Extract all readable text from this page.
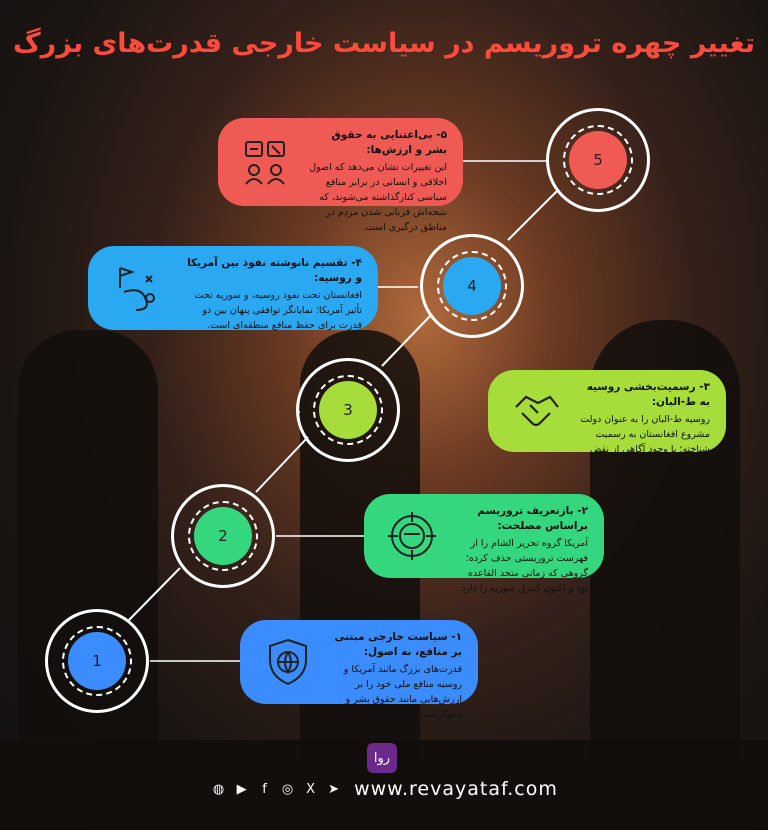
تغییر چهره تروریسم در سیاست خارجی قدرت‌های بزرگ
1
2
3
4
5
۵- بی‌اعتنایی به حقوق بشر و ارزش‌ها:

این تغییرات نشان می‌دهد که اصول اخلاقی و انسانی در برابر منافع سیاسی کنارگذاشته می‌شوند، که نتیجه‌اش قربانی شدن مردم در مناطق درگیری است.

۴- تقسیم نانوشته نفوذ بین آمریکا و روسیه:

افغانستان تحت نفوذ روسیه، و سوریه تحت تأثیر آمریکا؛ نمایانگر توافقی پنهان بین دو قدرت برای حفظ منافع منطقه‌ای است.

۳- رسمیت‌بخشی روسیه به ط-البان:

روسیه ط-البان را به عنوان دولت مشروع افغانستان به رسمیت شناخته؛ با وجود آگاهی از نقض حقوق زنان و افراط‌گرایی این گروه.

۲- بازتعریف تروریسم براساس مصلحت:

آمریکا گروه تحریر الشام را از فهرست تروریستی حذف کرده؛ گروهی که زمانی متحد القاعده بود و اکنون کنترل سوریه را دارد.

۱- سیاست خارجی مبتنی بر منافع، نه اصول:

قدرت‌های بزرگ مانند آمریکا و روسیه منافع ملی خود را بر ارزش‌هایی مانند حقوق بشر و دموکراسی ترجیح می‌دهند.

روا
◍ ▶	f	◎ X	➤ www.revayataf.com
